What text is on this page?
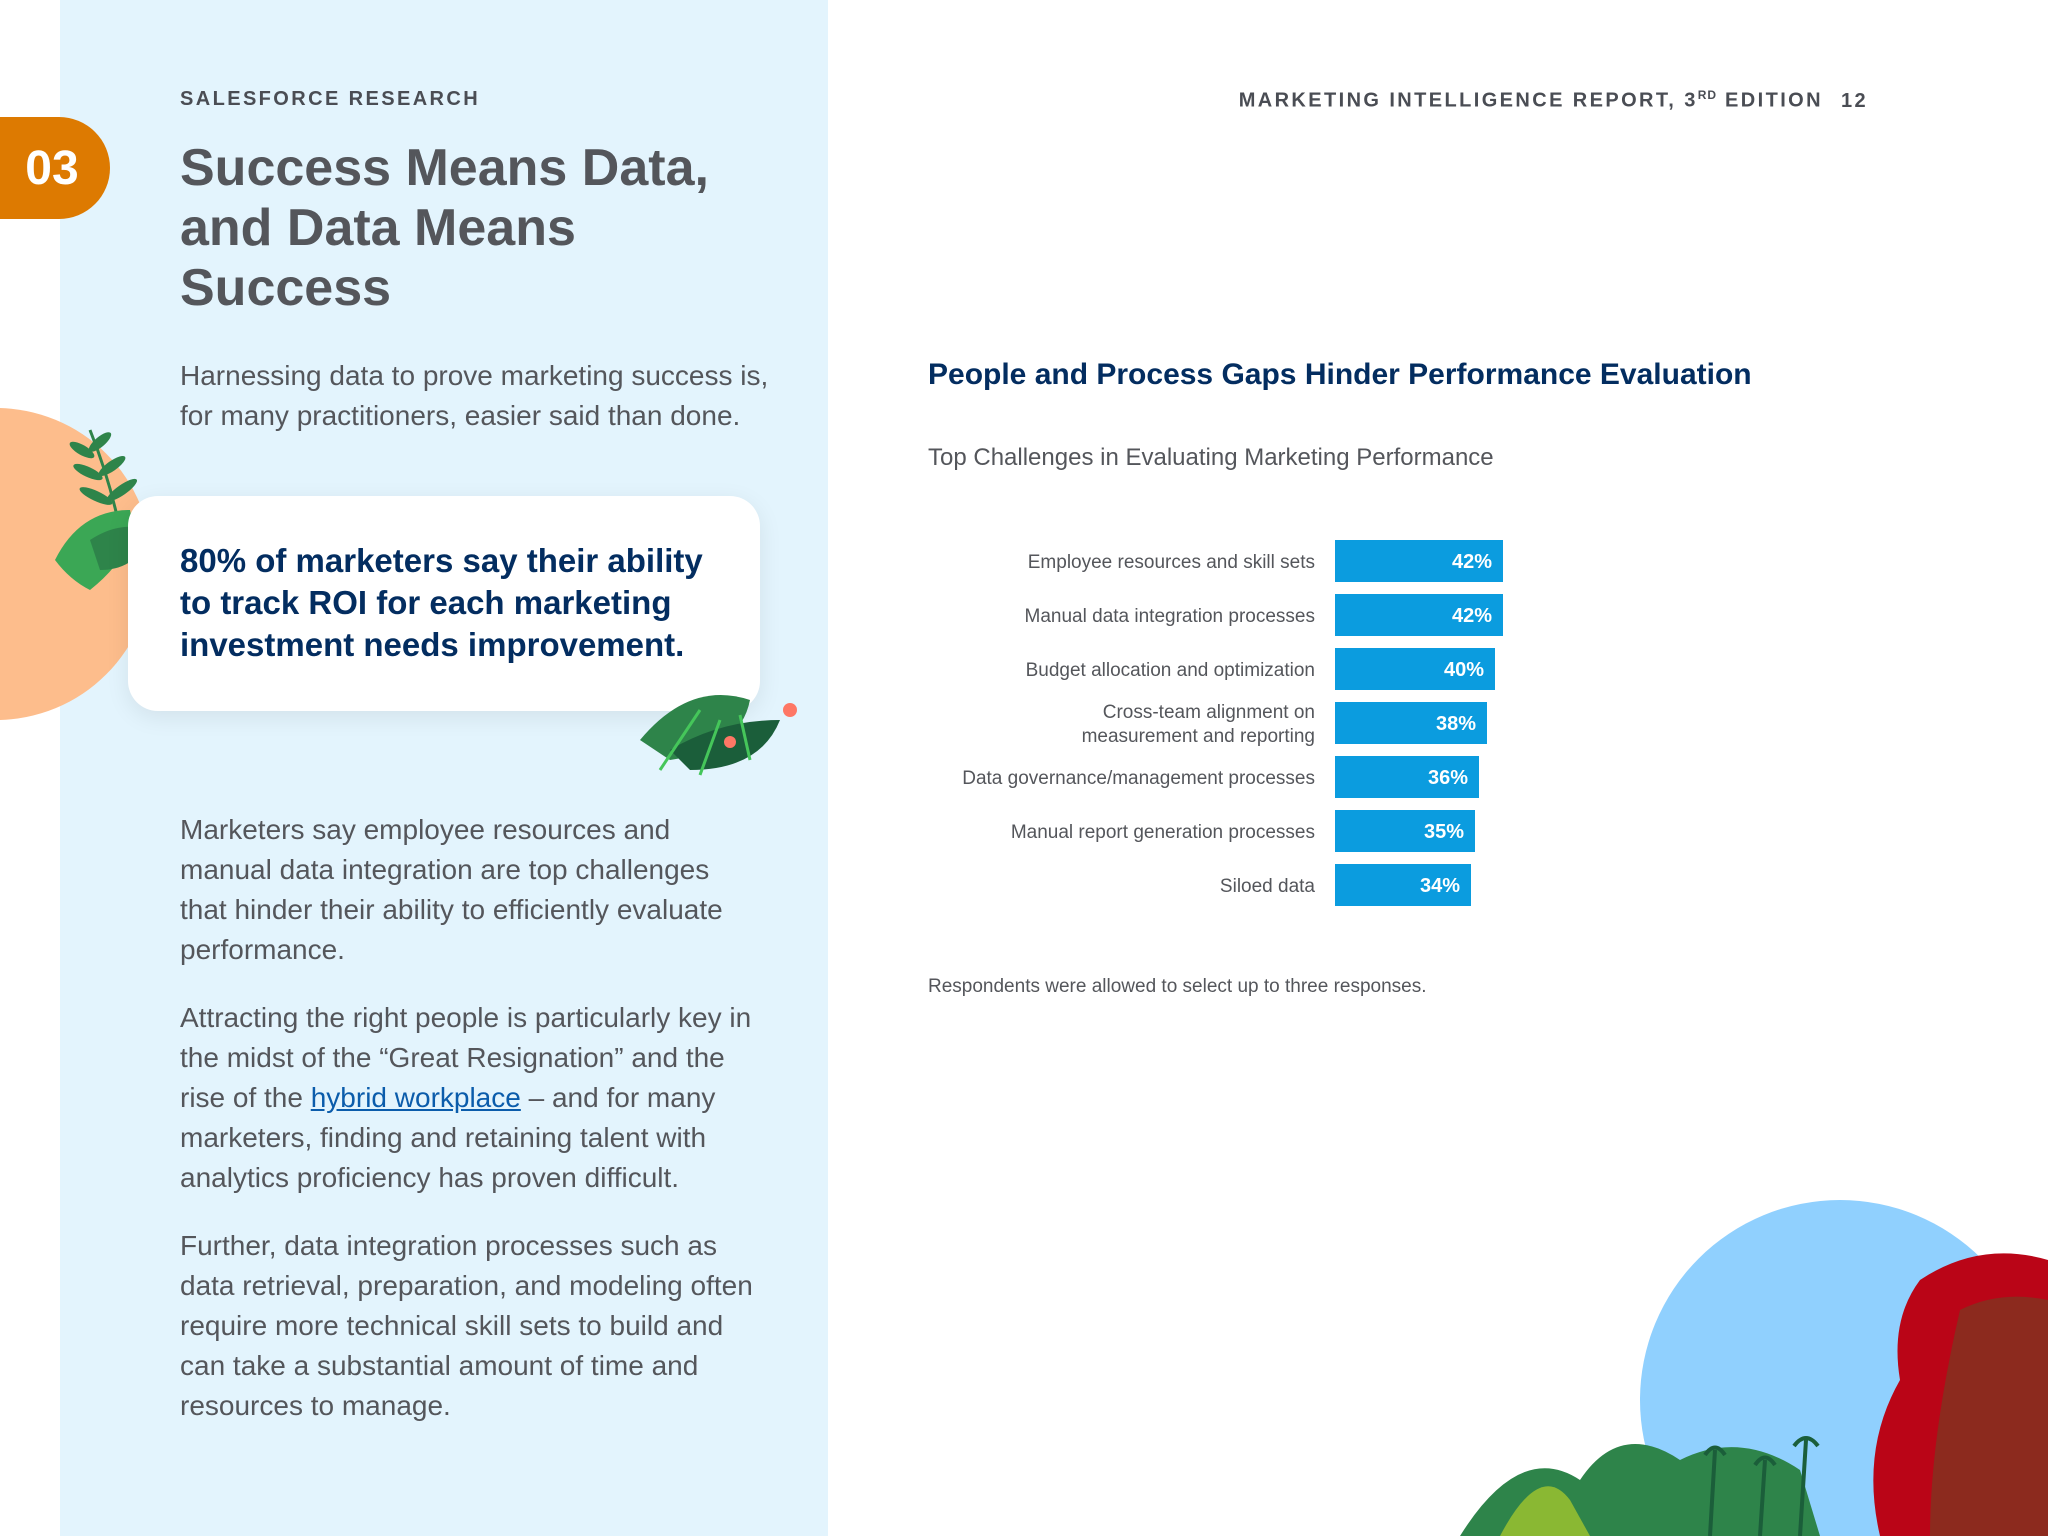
SALESFORCE RESEARCH	MARKETING INTELLIGENCE REPORT, 3RD EDITION 12
03	Success Means Data, and Data Means Success

Harnessing data to prove marketing success is, for many practitioners, easier said than done.

80% of marketers say their ability to track ROI for each marketing investment needs improvement.

Marketers say employee resources and manual data integration are top challenges that hinder their ability to efficiently evaluate performance.

Attracting the right people is particularly key in the midst of the “Great Resignation” and the rise of the hybrid workplace – and for many marketers, finding and retaining talent with analytics proficiency has proven difficult.

Further, data integration processes such as data retrieval, preparation, and modeling often require more technical skill sets to build and can take a substantial amount of time and resources to manage.

People and Process Gaps Hinder Performance Evaluation

Top Challenges in Evaluating Marketing Performance

42%
Employee resources and skill sets
42%
Manual data integration processes
40%
Budget allocation and optimization
38%
Cross-team alignment on
measurement and reporting
36%
Data governance/management processes
35%
Manual report generation processes
34%
Siloed data

Respondents were allowed to select up to three responses.
